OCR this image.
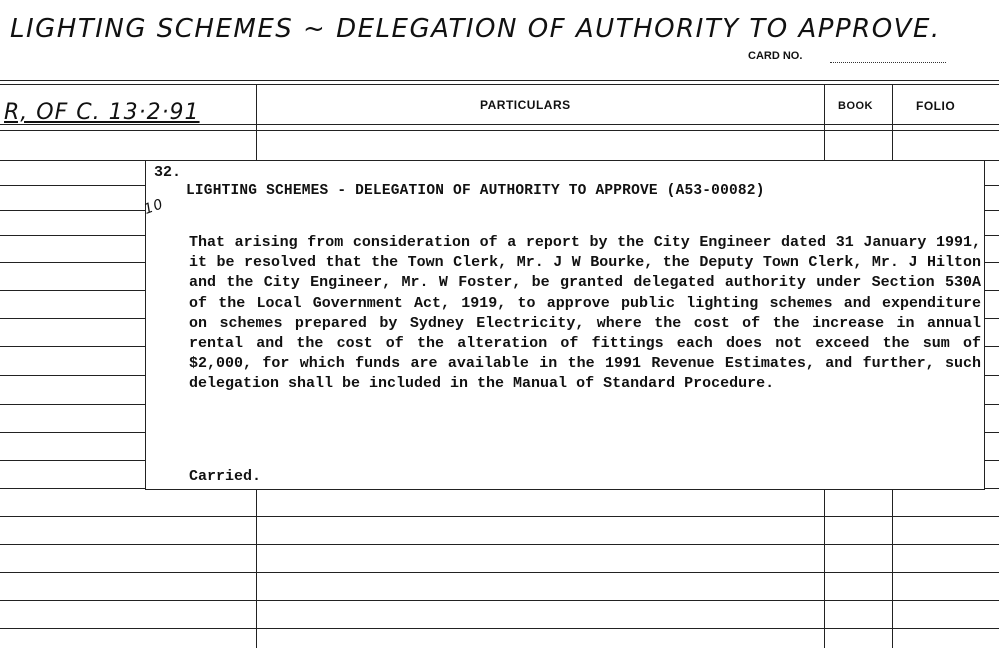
LIGHTING SCHEMES ~ DELEGATION OF AUTHORITY TO APPROVE.
CARD NO.
R, OF C. 13·2·91	PARTICULARS	BOOK	FOLIO
32.
10
LIGHTING SCHEMES - DELEGATION OF AUTHORITY TO APPROVE (A53-00082)
That arising from consideration of a report by the City Engineer dated 31 January 1991, it be resolved that the Town Clerk, Mr. J W Bourke, the Deputy Town Clerk, Mr. J Hilton and the City Engineer, Mr. W Foster, be granted delegated authority under Section 530A of the Local Government Act, 1919, to approve public lighting schemes and expenditure on schemes prepared by Sydney Electricity, where the cost of the increase in annual rental and the cost of the alteration of fittings each does not exceed the sum of $2,000, for which funds are available in the 1991 Revenue Estimates, and further, such delegation shall be included in the Manual of Standard Procedure.
Carried.
